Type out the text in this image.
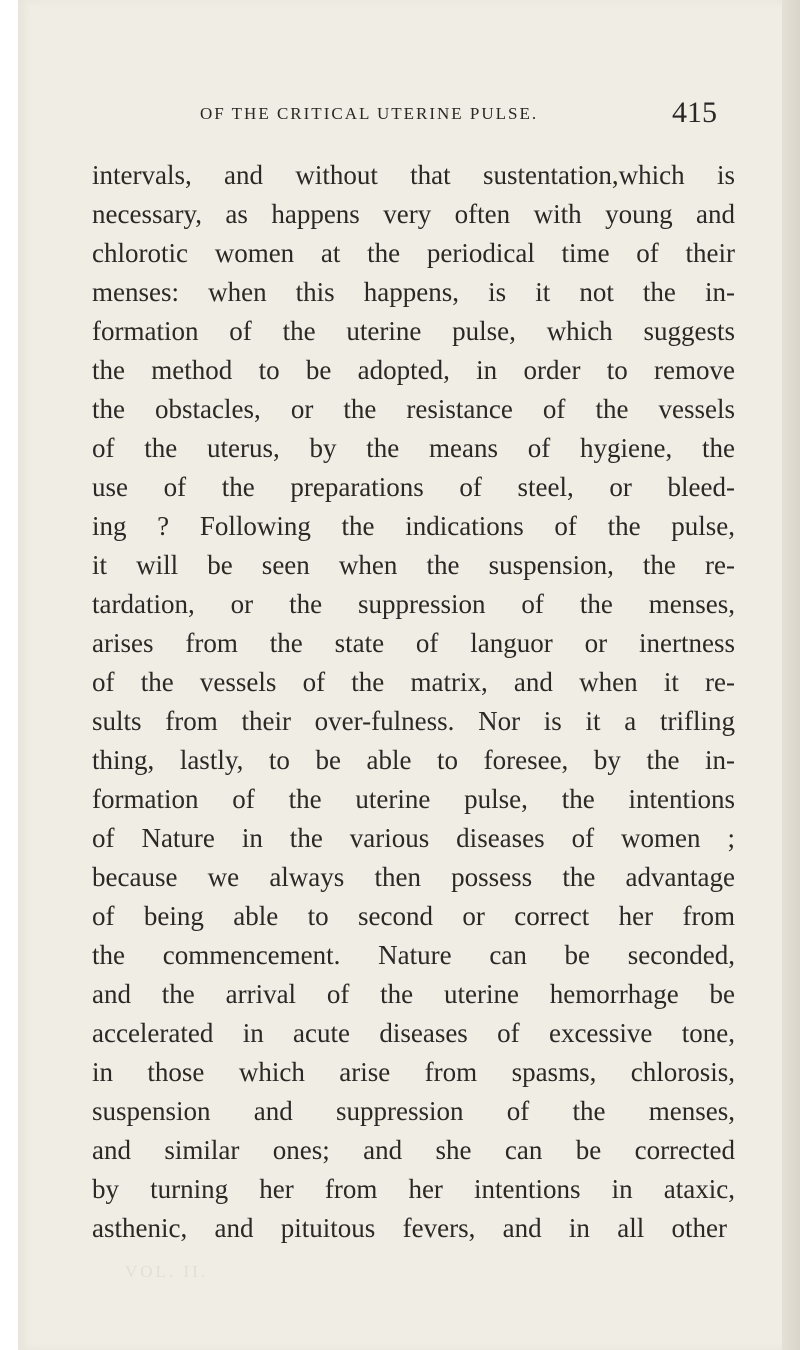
OF THE CRITICAL UTERINE PULSE.	415
intervals, and without that sustentation,which is
necessary, as happens very often with young and
chlorotic women at the periodical time of their
menses: when this happens, is it not the in-
formation of the uterine pulse, which suggests
the method to be adopted, in order to remove
the obstacles, or the resistance of the vessels
of the uterus, by the means of hygiene, the
use of the preparations of steel, or bleed-
ing ? Following the indications of the pulse,
it will be seen when the suspension, the re-
tardation, or the suppression of the menses,
arises from the state of languor or inertness
of the vessels of the matrix, and when it re-
sults from their over-fulness. Nor is it a trifling
thing, lastly, to be able to foresee, by the in-
formation of the uterine pulse, the intentions
of Nature in the various diseases of women ;
because we always then possess the advantage
of being able to second or correct her from
the commencement. Nature can be seconded,
and the arrival of the uterine hemorrhage be
accelerated in acute diseases of excessive tone,
in those which arise from spasms, chlorosis,
suspension and suppression of the menses,
and similar ones; and she can be corrected
by turning her from her intentions in ataxic,
asthenic, and pituitous fevers, and in all other
VOL. II.
